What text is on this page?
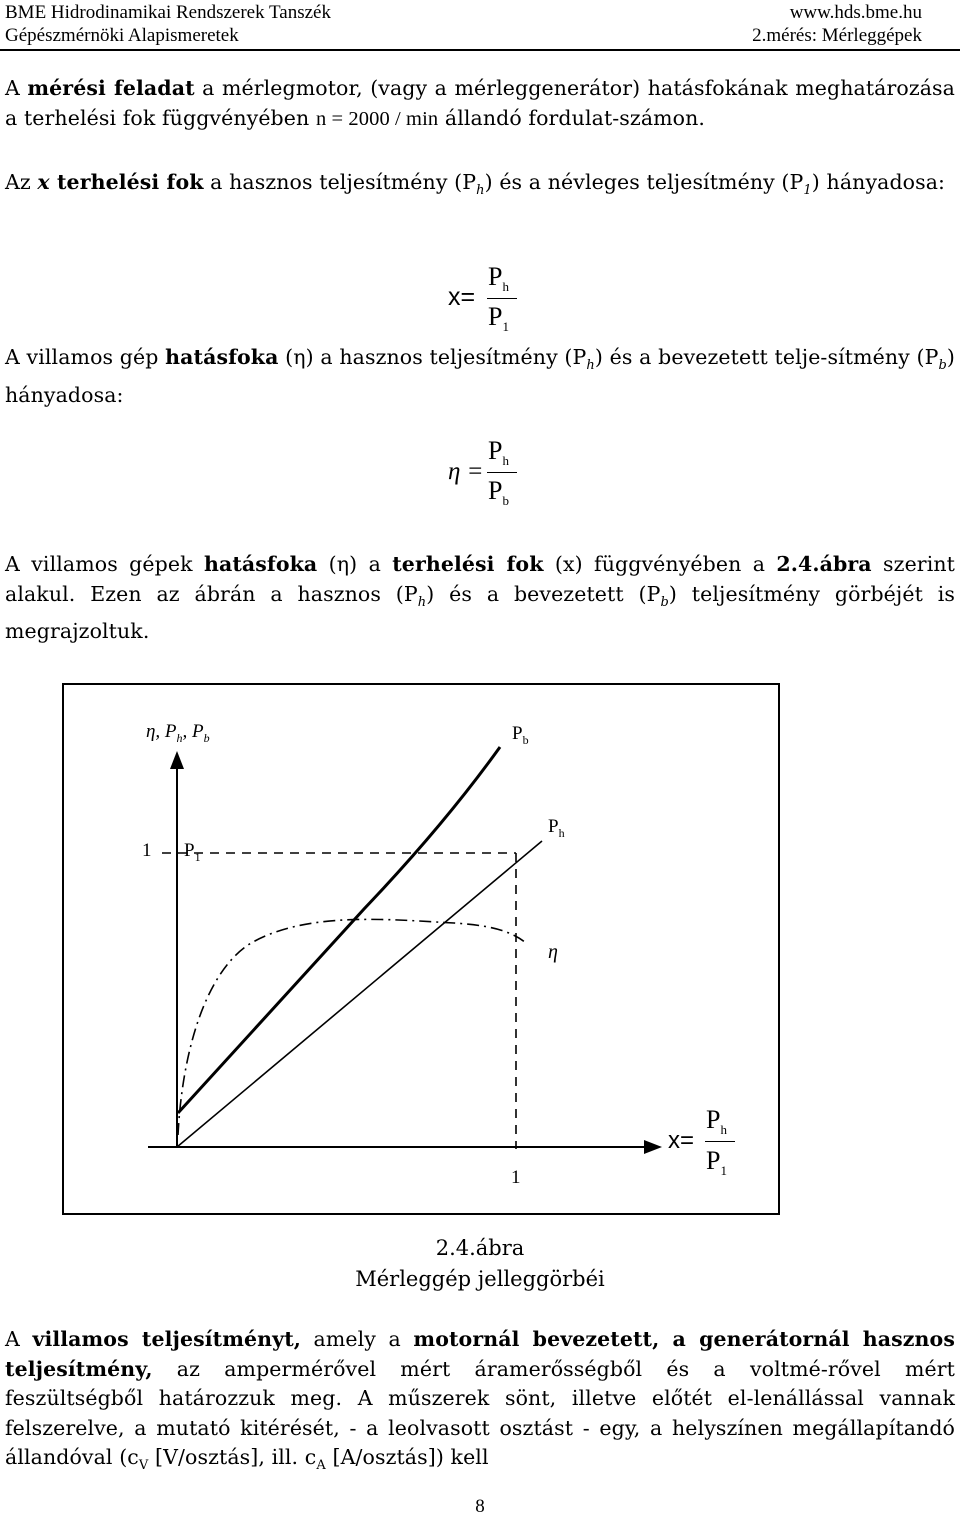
BME Hidrodinamikai Rendszerek Tanszék
Gépészmérnöki Alapismeretek
www.hds.bme.hu
2.mérés: Mérleggépek
A mérési feladat a mérlegmotor, (vagy a mérleggenerátor) hatásfokának meghatározása a terhelési fok függvényében n = 2000 / min állandó fordulat-számon.
Az x terhelési fok a hasznos teljesítmény $(P_h)$ és a névleges teljesítmény $(P_1)$ hányadosa:
x=
$P_h$
$P_1$
A villamos gép hatásfoka (η) a hasznos teljesítmény $(P_h)$ és a bevezetett telje-sítmény $(P_b)$ hányadosa:
η =
$P_h$
$P_b$
A villamos gépek hatásfoka (η) a terhelési fok (x) függvényében a 2.4.ábra szerint alakul. Ezen az ábrán a hasznos $(P_h)$ és a bevezetett $(P_b)$ teljesítmény görbéjét is megrajzoltuk.
η, $P_h$, $P_b$	$P_b$
$P_h$
η
1 $P_1$
1
x=
$P_h$
$P_1$
2.4.ábra
Mérleggép jelleggörbéi
A villamos teljesítményt, amely a motornál bevezetett, a generátornál hasznos teljesítmény, az ampermérővel mért áramerősségből és a voltmé-rővel mért feszültségből határozzuk meg. A műszerek sönt, illetve előtét el-lenállással vannak felszerelve, a mutató kitérését, - a leolvasott osztást - egy, a helyszínen megállapítandó állandóval ($c_V$ [V/osztás], ill. $c_A$ [A/osztás]) kell
8
